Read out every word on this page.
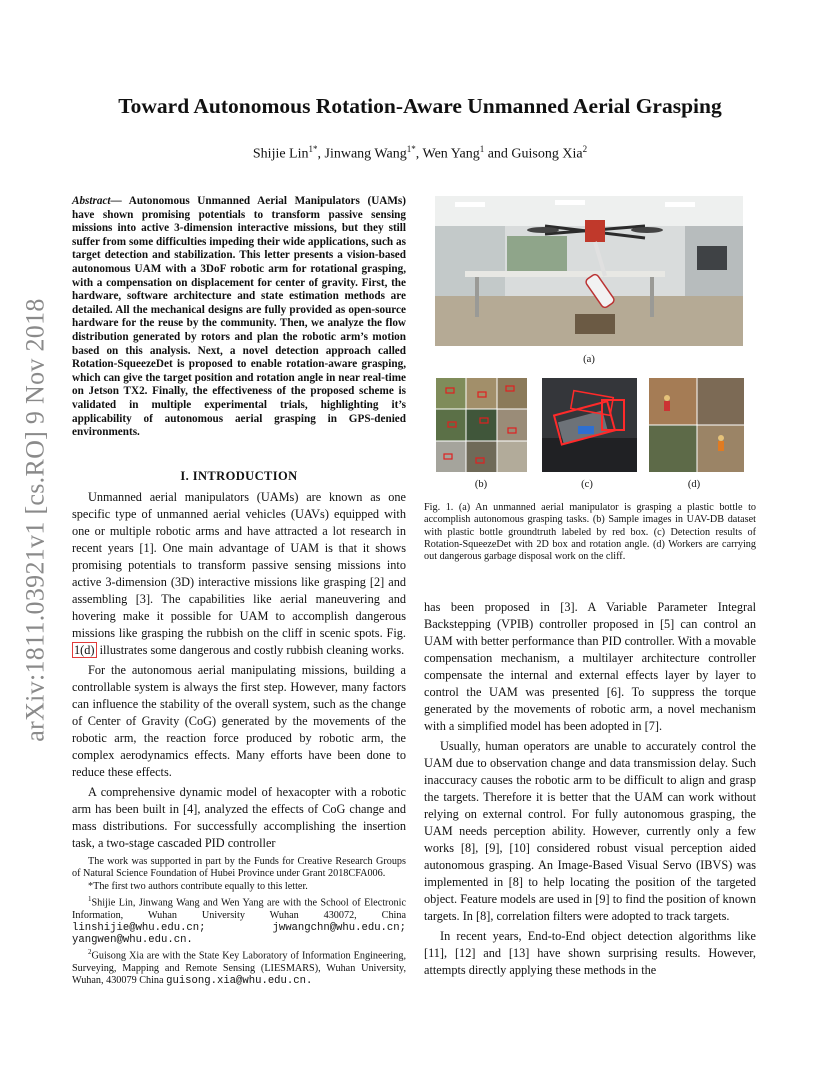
arXiv:1811.03921v1 [cs.RO] 9 Nov 2018
Toward Autonomous Rotation-Aware Unmanned Aerial Grasping

Shijie Lin$^{1*}$, Jinwang Wang$^{1*}$, Wen Yang$^1$ and Guisong Xia$^2$

Abstract— Autonomous Unmanned Aerial Manipulators (UAMs) have shown promising potentials to transform passive sensing missions into active 3-dimension interactive missions, but they still suffer from some difficulties impeding their wide applications, such as target detection and stabilization. This letter presents a vision-based autonomous UAM with a 3DoF robotic arm for rotational grasping, with a compensation on displacement for center of gravity. First, the hardware, software architecture and state estimation methods are detailed. All the mechanical designs are fully provided as open-source hardware for the reuse by the community. Then, we analyze the flow distribution generated by rotors and plan the robotic arm’s motion based on this analysis. Next, a novel detection approach called Rotation-SqueezeDet is proposed to enable rotation-aware grasping, which can give the target position and rotation angle in near real-time on Jetson TX2. Finally, the effectiveness of the proposed scheme is validated in multiple experimental trials, highlighting it’s applicability of autonomous aerial grasping in GPS-denied environments.

I. INTRODUCTION

Unmanned aerial manipulators (UAMs) are known as one specific type of unmanned aerial vehicles (UAVs) equipped with one or multiple robotic arms and have attracted a lot research in recent years [1]. One main advantage of UAM is that it shows promising potentials to transform passive sensing missions into active 3-dimension (3D) interactive missions like grasping [2] and assembling [3]. The capabilities like aerial maneuvering and hovering make it possible for UAM to accomplish dangerous missions like grasping the rubbish on the cliff in scenic spots. Fig. 1(d) illustrates some dangerous and costly rubbish cleaning works.

For the autonomous aerial manipulating missions, building a controllable system is always the first step. However, many factors can influence the stability of the overall system, such as the change of Center of Gravity (CoG) generated by the movements of the robotic arm, the reaction force produced by robotic arm, the complex aerodynamics effects. Many efforts have been done to reduce these effects.

A comprehensive dynamic model of hexacopter with a robotic arm has been built in [4], analyzed the effects of CoG change and mass distributions. For successfully accomplishing the insertion task, a two-stage cascaded PID controller

The work was supported in part by the Funds for Creative Research Groups of Natural Science Foundation of Hubei Province under Grant 2018CFA006.

*The first two authors contribute equally to this letter.

$^1$Shijie Lin, Jinwang Wang and Wen Yang are with the School of Electronic Information, Wuhan University Wuhan 430072, China linshijie@whu.edu.cn; jwwangchn@whu.edu.cn; yangwen@whu.edu.cn.

$^2$Guisong Xia are with the State Key Laboratory of Information Engineering, Surveying, Mapping and Remote Sensing (LIESMARS), Wuhan University, Wuhan, 430079 China guisong.xia@whu.edu.cn.

(a)
(b)	(c)	(d)

Fig. 1. (a) An unmanned aerial manipulator is grasping a plastic bottle to accomplish autonomous grasping tasks. (b) Sample images in UAV-DB dataset with plastic bottle groundtruth labeled by red box. (c) Detection results of Rotation-SqueezeDet with 2D box and rotation angle. (d) Workers are carrying out dangerous garbage disposal work on the cliff.

has been proposed in [3]. A Variable Parameter Integral Backstepping (VPIB) controller proposed in [5] can control an UAM with better performance than PID controller. With a movable compensation mechanism, a multilayer architecture controller compensate the internal and external effects layer by layer to control the UAM was presented [6]. To suppress the torque generated by the movements of robotic arm, a novel mechanism with a simplified model has been adopted in [7].

Usually, human operators are unable to accurately control the UAM due to observation change and data transmission delay. Such inaccuracy causes the robotic arm to be difficult to align and grasp the targets. Therefore it is better that the UAM can work without relying on external control. For fully autonomous grasping, the UAM needs perception ability. However, currently only a few works [8], [9], [10] considered robust visual perception aided autonomous grasping. An Image-Based Visual Servo (IBVS) was implemented in [8] to help locating the position of the targeted object. Feature models are used in [9] to find the position of known targets. In [8], correlation filters were adopted to track targets.

In recent years, End-to-End object detection algorithms like [11], [12] and [13] have shown surprising results. However, attempts directly applying these methods in the
